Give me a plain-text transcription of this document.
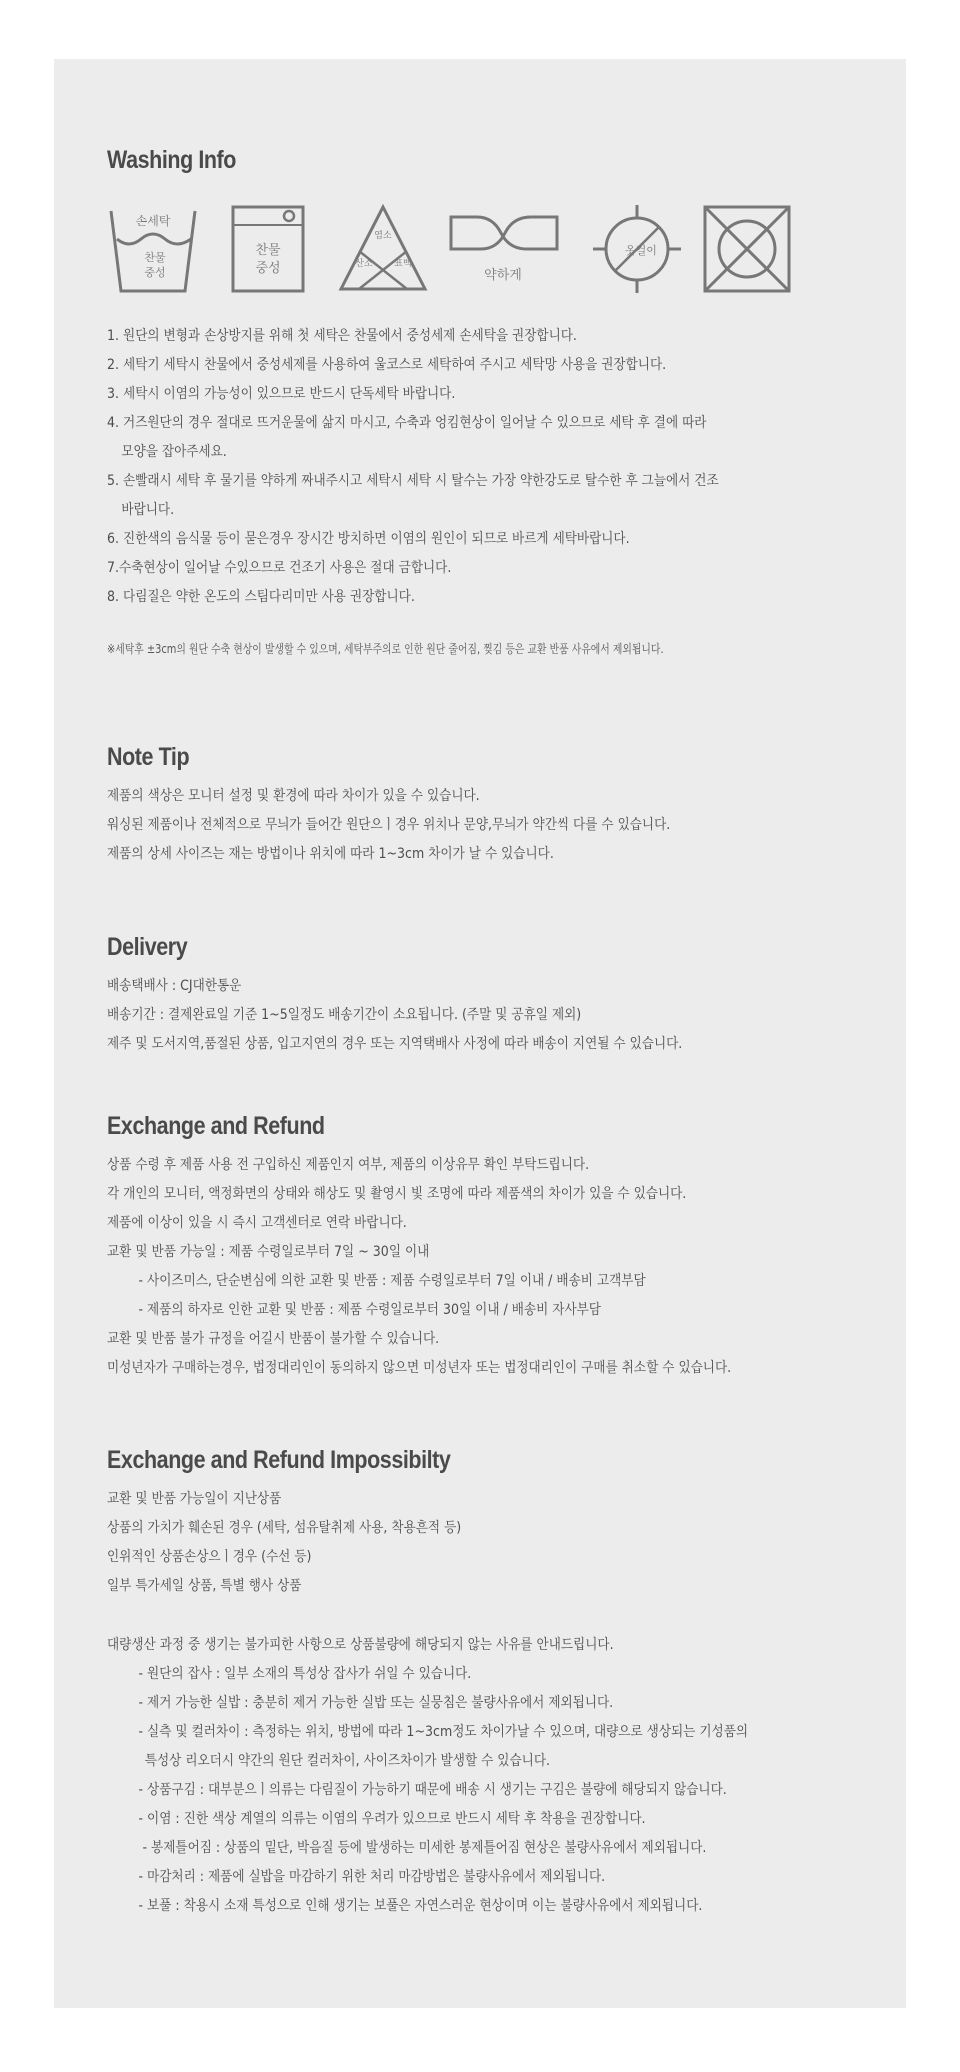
Washing Info
손세탁
찬물
중성
찬물
중성
염소
산소 표백
약하게
옷걸이
1. 원단의 변형과 손상방지를 위해 첫 세탁은 찬물에서 중성세제 손세탁을 권장합니다.
2. 세탁기 세탁시 찬물에서 중성세제를 사용하여 울코스로 세탁하여 주시고 세탁망 사용을 권장합니다.
3. 세탁시 이염의 가능성이 있으므로 반드시 단독세탁 바랍니다.
4. 거즈원단의 경우 절대로 뜨거운물에 삶지 마시고, 수축과 엉킴현상이 일어날 수 있으므로 세탁 후 결에 따라
모양을 잡아주세요.
5. 손빨래시 세탁 후 물기를 약하게 짜내주시고 세탁시 세탁 시 탈수는 가장 약한강도로 탈수한 후 그늘에서 건조
바랍니다.
6. 진한색의 음식물 등이 묻은경우 장시간 방치하면 이염의 원인이 되므로 바르게 세탁바랍니다.
7.수축현상이 일어날 수있으므로 건조기 사용은 절대 금합니다.
8. 다림질은 약한 온도의 스팀다리미만 사용 권장합니다.
※세탁후 ±3cm의 원단 수축 현상이 발생할 수 있으며, 세탁부주의로 인한 원단 줄어짐, 찢김 등은 교환 반품 사유에서 제외됩니다.
Note Tip
제품의 색상은 모니터 설정 및 환경에 따라 차이가 있을 수 있습니다.
워싱된 제품이나 전체적으로 무늬가 들어간 원단으ㅣ경우 위치나 문양,무늬가 약간씩 다를 수 있습니다.
제품의 상세 사이즈는 재는 방법이나 위치에 따라 1~3cm 차이가 날 수 있습니다.
Delivery
배송택배사 : CJ대한통운
배송기간 : 결제완료일 기준 1~5일정도 배송기간이 소요됩니다. (주말 및 공휴일 제외)
제주 및 도서지역,품절된 상품, 입고지연의 경우 또는 지역택배사 사정에 따라 배송이 지연될 수 있습니다.
Exchange and Refund
상품 수령 후 제품 사용 전 구입하신 제품인지 여부, 제품의 이상유무 확인 부탁드립니다.
각 개인의 모니터, 액정화면의 상태와 해상도 및 촬영시 빛 조명에 따라 제품색의 차이가 있을 수 있습니다.
제품에 이상이 있을 시 즉시 고객센터로 연락 바랍니다.
교환 및 반품 가능일 : 제품 수령일로부터 7일 ~ 30일 이내
- 사이즈미스, 단순변심에 의한 교환 및 반품 : 제품 수령일로부터 7일 이내 / 배송비 고객부담
- 제품의 하자로 인한 교환 및 반품 : 제품 수령일로부터 30일 이내 / 배송비 자사부담
교환 및 반품 불가 규정을 어길시 반품이 불가할 수 있습니다.
미성년자가 구매하는경우, 법정대리인이 동의하지 않으면 미성년자 또는 법정대리인이 구매를 취소할 수 있습니다.
Exchange and Refund Impossibilty
교환 및 반품 가능일이 지난상품
상품의 가치가 훼손된 경우 (세탁, 섬유탈취제 사용, 착용흔적 등)
인위적인 상품손상으ㅣ경우 (수선 등)
일부 특가세일 상품, 특별 행사 상품
대량생산 과정 중 생기는 불가피한 사항으로 상품불량에 해당되지 않는 사유를 안내드립니다.
- 원단의 잡사 : 일부 소재의 특성상 잡사가 쉬일 수 있습니다.
- 제거 가능한 실밥 : 충분히 제거 가능한 실밥 또는 실뭉침은 불량사유에서 제외됩니다.
- 실측 및 컬러차이 : 측정하는 위치, 방법에 따라 1~3cm정도 차이가날 수 있으며, 대량으로 생상되는 기성품의
특성상 리오더시 약간의 원단 컬러차이, 사이즈차이가 발생할 수 있습니다.
- 상품구김 : 대부분으ㅣ의류는 다림질이 가능하기 때문에 배송 시 생기는 구김은 불량에 해당되지 않습니다.
- 이염 : 진한 색상 계열의 의류는 이염의 우려가 있으므로 반드시 세탁 후 착용을 권장합니다.
- 봉제틀어짐 : 상품의 밑단, 박음질 등에 발생하는 미세한 봉제틀어짐 현상은 불량사유에서 제외됩니다.
- 마감처리 : 제품에 실밥을 마감하기 위한 처리 마감방법은 불량사유에서 제외됩니다.
- 보풀 : 착용시 소재 특성으로 인해 생기는 보풀은 자연스러운 현상이며 이는 불량사유에서 제외됩니다.
